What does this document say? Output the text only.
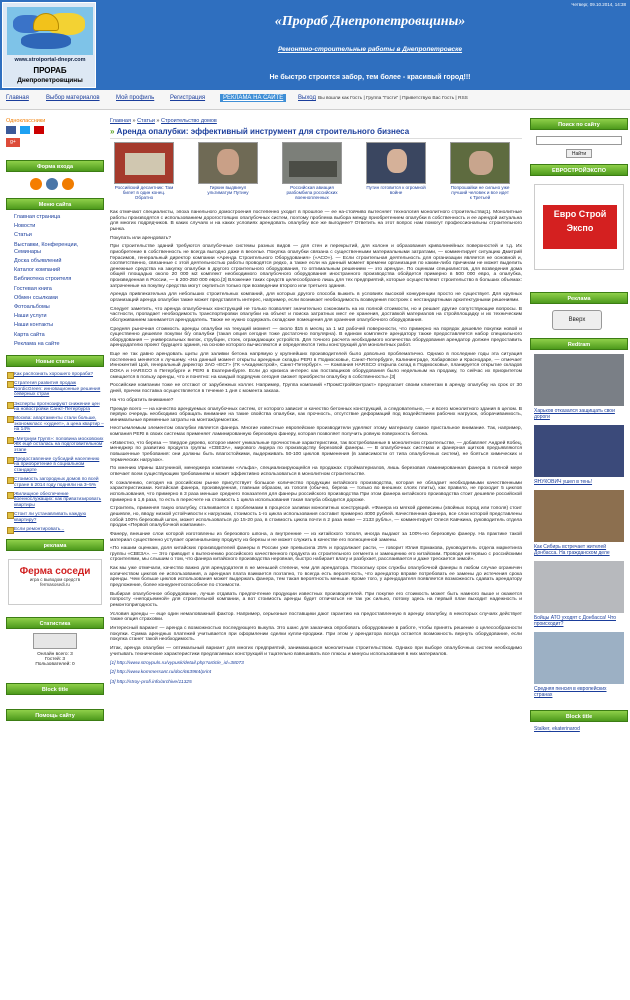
www.stroiportal-dnepr.com
ПРОРАБ
Днепропетровщины
Четверг, 09.10.2014, 14:38
«Прораб Днепропетровщины»
Ремонтно-строительные работы в Днепропетровске
Не быстро строится забор, тем более - красивый город!!!
Главная	Выбор материалов	Мой профиль	Регистрация	РЕКЛАМА НА САЙТЕ	Выход Вы вошли как Гость | Группа "Гости" | Приветствую Вас Гость | RSS
Одноклассники
g+
Форма входа
Меню сайта
Главная страница
Новости
Статьи
Выставки, Конференции, Семинары
Доска объявлений
Каталог компаний
Библиотека строителя
Гостевая книга
Обмен ссылками
Фотоальбомы
Наши услуги
Наши контакты
Карта сайта
Реклама на сайте
Новые статьи
Как распознать хорошего прораба?
Стратегия развития продаж NordicGreen: инновационные решения северных стран
Эксперты прогнозируют снижение цен на новостройки Санкт-Петербурга
Москва: апартаменты стали больше, экономкласс «худеет», а цена квартир – на 14%
«Метриум Групп»: половина московских ЖК ещё осталась на подготовительном этапе
Предоставление субсидий населению на приобретение в социальном стандарте
Стоимость загородных домов по всей стране в 2014 году подняли на 3–5%
Жилищное обеспечение военнослужащих: как приватизировать квартиры
Стоит ли устанавливать каждую квартиру?
Если ремонтировать...
реклама
Ферма соседи
игра с выводом средств
fermasosedi.ru
Статистика
Онлайн всего: 3
Гостей: 3
Пользователей: 0
Block title
Помощь сайту
Главная » Статьи » Строительство домов
» Аренда опалубки: эффективный инструмент для строительного бизнеса
Российский десантник: Там билет в один конец. Обратно
Гиркин выдвинул ультиматум Путину
Российская авиация разбомбила российских военнопленных
Путин готовится к огромной войне
Попрошайки не сильно уже лучший человек и все идет к Третьей
Как отмечают специалисты, эпоха панельного домостроения постепенно уходит в прошлое — ее на-стойчиво вытесняет технология монолитного строительства[1]. Монолитные работы производятся с использованием дорогостоящих опалубочных систем, поэтому проблема выбора между приобретением опалубки в собственность и ее арендой актуальна для многих подрядчиков. В каких случаях и на каких условиях арендовать опалубку все же выгоднее? Ответить на этот вопрос нам помогут профессиональны строительного рынка.
Покупать или арендовать?
При строительстве зданий требуются опалубочные системы разных видов — для стен и перекрытий, для колонн и образования криволинейных поверхностей и т.д. Их приобретение в собственность не всегда выгодно даже в веселье. Покупка опалубки связана с существенными материальными затратами, — комментирует ситуацию Дмитрий Герасимов, генеральный директор компании «Аренда Строительного Оборудования» («АСО»). — Если строительная деятельность для организации является не основной и, соответственно, связанные с этой деятельностью работы проводятся редко, а также если на данный момент времени организация по каким-либо причинам не может выделить денежные средства на закупку опалубки в другого строительного оборудования, то оптимальным решением — это аренда». По оценкам специалистов, для возведения дома общей площадью около 20 000 м2 комплект необходимого опалубочного оборудования иностранного производства обойдется примерно в 500 000 евро, а опалубка, произведенная в России, — в 200-250 000 евро.[2] Вложение таких средств целесообразно лишь для тех предприятий, которые осуществляют строительство в больших объемах: затраченные на покупку средства могут окупиться только при возведении второго или третьего здания.
Аренда привлекательна для небольших строительных компаний, для которых другого способа выжить в условиях высокой конкуренции просто не существует. Для крупных организаций аренда опалубки также может представлять интерес, например, если возникает необходимость возведения построек с нестандартными архитектурными решениями.
Следует заметить, что аренда опалубочных конструкций не только позволяет значительно сэкономить на их полной стоимости, но и решает другие сопутствующие вопросы. В частности, пропадает необходимость транспортировки опалубки на объект и поиска затратных мест ее хранения, доставкой материалов на стройплощадку и их техническим обслуживанием занимается арендодатель. Также не нужно содержать складские помещения для хранения опалубочного оборудования.
Средняя рыночная стоимость аренды опалубки на текущий момент — около $15 в месяц за 1 м2 рабочей поверхности, что примерно на порядок дешевле покупки новой и существенно дешевле покупки б/у опалубки (такая опция сегодня тоже достаточно популярна). В едином комплекте арендатору также предоставляется набор специального оборудования — универсальных вилок, струбцин, стоек, ограждающих устройств. Для точного расчета необходимого количества оборудования арендатор должен предоставить арендодателю проект будущего здания, на основе которого вычисляются и определяются типы конструкций для монолитных работ.
Еще не так давно арендовать щиты для заливки бетона напрямую у крупнейших производителей было довольно проблематично. Однако в последние годы эта ситуация постепенно меняется к лучшему. «На данный момент открыты арендные склады PERI в Подмосковье, Санкт-Петербурге, Калининграде, Хабаровске и Краснодаре, — отмечает Иннокентий Цой, генеральный директор ЗАО «ЕСГ» (ГК «Академстрой», Санкт-Петербург». — Компания HARSCO открыла склад в Подмосковье, планируется открытие складов DOKA и HARSCO в Петербурге и PERI в Екатеринбурге. Если до кризиса интерес как поставщиков оборудования было недельным на продажу, то сейчас их приоритетом смещается в пользу аренды, что и понятно: на каждый подрядчик сегодня сможет приобрести опалубку в собственность».[3]
Российские компании тоже не отстают от зарубежных коллег. Например, Группа компаний «ПромСтройКонтракт» предлагает своим клиентам в аренду опалубку на срок от 30 дней, причем поставка осуществляется в течение 1 дня с момента заказа.
На что обратить внимание?
Прежде всего — на качество арендуемых опалубочных систем, от которого зависит и качество бетонных конструкций, а следовательно, — и всего монолитного здания в целом. В первую очередь необходимо обращать внимание на такие свойства опалубки, как прочность, отсутствие деформаций под воздействием рабочих нагрузок, оборачиваемость, минимальные временные затраты на монтаж/демонтаж.
Неотъемлемым элементом опалубки является фанера. Многие известные европейские производители уделяют этому материалу самое пристальное внимание. Так, например, компания PERI в своих системах применяет ламинированную березовую фанеру, которая позволяет получить ровную поверхность бетона.
«Известно, что береза — твердое дерево, которое имеет уникальные прочностные характеристики, так востребованные в монолитном строительстве, — добавляет Андрей Кобец, менеджер по развитию продукта группы «СВЕЗА», мирового лидера по производству березовой фанеры. — В опалубочных системах и фанерная щитков предъявляются повышенные требования: они должны быть влагостойкими, выдерживать 50-100 циклов применения (в зависимости от типа опалубочных систем), не бояться химических и термических нагрузок».
По мнению Ирины Шатуниной, менеджера компании «Альфа», специализирующейся на продажах стройматериалов, лишь березовая ламинированная фанера в полной мере отвечает всем существующим требованиям и может эффективно использоваться в монолитном строительстве.
К сожалению, сегодня на российском рынке присутствует большое количество продукции китайского производства, которая не обладает необходимыми качественными характеристиками. Китайская фанера, произведенная, главным образом, из тополя (обычно, береза — только во внешних слоях плиты), как правило, не проходит 5 циклов использования, что примерно в 3 раза меньше среднего показателя для фанеры российского производства При этом фанера китайского производства стоит дешевле российской примерно в 1,6 раза, то есть в пересчете на стоимость 1 цикла использования такая палуба обходится дороже.
Строитель, применяя такую опалубку, сталкивается с проблемами в процессе заливки монолитных конструкций. «Фанера из мягкой древесины (хвойных пород или тополя) стоит дешевле, но, вводу низкой устойчивости к нагрузкам, стоимость 1-го цикла использования составит примерно 4000 рублей. Качественная фанера, все слои которой представлены собой 100% березовый шпон, может использоваться до 15-20 раз, в стоимость цикла почти в 2 раза ниже — 2133 рубль», — комментирует Олеся Кавчкина, руководитель отдела продаж «Первой опалубочной компании».
Фанеру, внешние слои которой изготовлены из березового шпона, а внутренние — из китайского тополя, иногда выдают за 100%-но березовую фанеру. На практике такой материал существенно уступает оригинальному продукту из березы и не может служить в качестве его полноценной замены.
«По нашим оценкам, доля китайских производителей фанеры в России уже превысила 25% и продолжает расти, — говорит Юлия Ермакова, руководитель отдела маркетинга группы «СВЕЗА». — Это приводит к вытеснению российского качественного продукта из строительного сегмента и замещению его китайским. Проводя интервью с российскими строителями, мы слышим о том, что фанера китайского производства неровная, быстро набирает влагу и разбухает, расслаивается и даже трескается зимой».
Как мы уже отмечали, качество важно для арендодателя в не меньшей степени, чем для арендатора. Поскольку срок службы опалубочной фанеры в любом случае ограничен количеством циклов ее использования, а арендная плата взимается поэтапно, то всегда есть вероятность, что арендатор вправе потребовать ее замены до истечения срока аренды. Чем больше циклов использования может выдержать фанера, тем такая вероятность меньше. Кроме того, у арендодателя появляется возможность сдавать арендатору предложение, более конкурентоспособное по стоимости.
Выбирая опалубочное оборудование, лучше отдавать предпочтение продукции известных производителей. При покупке его стоимость может быть намного выше и окажется попросту «неподъемной» для строительной компании, а вот стоимость аренды будет отличаться не так уж сильно, потому здесь на первый план выходит надежность и ремонтопригодность.
Условия аренды — еще один немаловажный фактор. Например, серьезные поставщики дают гарантию на предоставленную в аренду опалубку, в некоторых случаях действует также опция страховки.
Интересный вариант — аренда с возможностью последующего выкупа. Это шанс для заказчика опробовать оборудование в работе, чтобы принять решение о целесообразности покупки. Сумма арендных платежей учитывается при оформлении сделки купли-продажи. При этом у арендатора всегда остается возможность вернуть оборудование, если покупка станет такой необходимость.
Итак, аренда опалубки — оптимальный вариант для многих предприятий, занимающихся монолитным строительством. Однако при выборе опалубочных систем необходимо учитывать технические характеристики предлагаемых конструкций и тщательно взвешивать все плюсы и минусы использования в них материалов.
[1] http://www.stroypuls.ru/vypusk/detail.php?article_id=38073
[2] http://www.kommersant.ru/doc/663984/print
[3] http://stroy-profi.info/archive/11325
Поиск по сайту
Найти
ЕВРОСТРОЙЭКСПО
Евро Строй Экспо
Реклама
Вверх
Redtram
Харьков отказался защищать свои дороги
ЯНУКОВИЧ ушел в тень!
Как Сибирь встречает жителей Донбасса. На гражданском деле
Бойцы АТО уходят с Донбасса! Что происходит?
Средняя пенсия в европейских странах
Block title
Stalker, ekaterinarod
